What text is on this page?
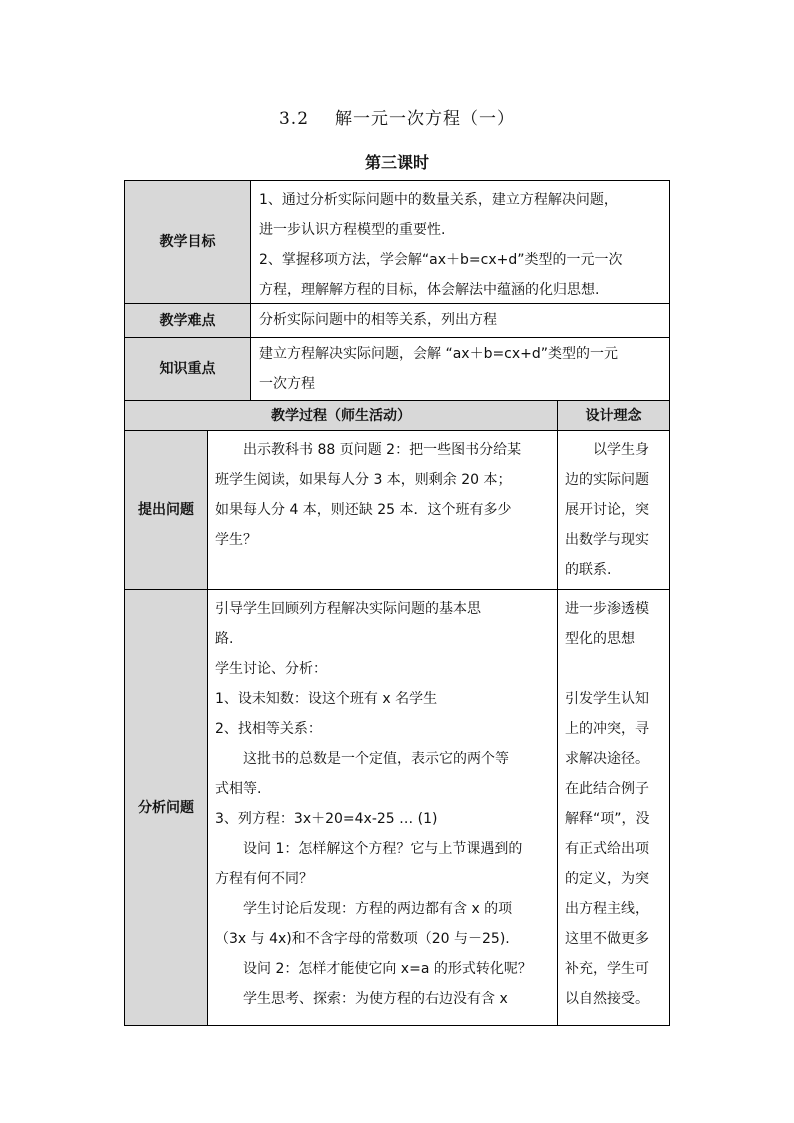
3.2 解一元一次方程（一）
第三课时
教学目标

1、通过分析实际问题中的数量关系，建立方程解决问题，

进一步认识方程模型的重要性.

2、掌握移项方法，学会解“ax＋b=cx+d”类型的一元一次

方程，理解解方程的目标，体会解法中蕴涵的化归思想.

教学难点	分析实际问题中的相等关系，列出方程
知识重点

建立方程解决实际问题，会解 “ax＋b=cx+d”类型的一元

一次方程

教学过程（师生活动）	设计理念
提出问题

出示教科书 88 页问题 2：把一些图书分给某

班学生阅读，如果每人分 3 本，则剩余 20 本；

如果每人分 4 本，则还缺 25 本．这个班有多少

学生？

以学生身

边的实际问题

展开讨论，突

出数学与现实

的联系.

分析问题

引导学生回顾列方程解决实际问题的基本思

路.

学生讨论、分析：

1、设未知数：设这个班有 x 名学生

2、找相等关系：

这批书的总数是一个定值，表示它的两个等

式相等.

3、列方程：3x＋20=4x-25 … (1)

设问 1：怎样解这个方程？它与上节课遇到的

方程有何不同？

学生讨论后发现：方程的两边都有含 x 的项

（3x 与 4x)和不含字母的常数项（20 与－25).

设问 2：怎样才能使它向 x=a 的形式转化呢？

学生思考、探索：为使方程的右边没有含 x

进一步渗透模

型化的思想

引发学生认知

上的冲突，寻

求解决途径。

在此结合例子

解释“项”，没

有正式给出项

的定义，为突

出方程主线，

这里不做更多

补充，学生可

以自然接受。
